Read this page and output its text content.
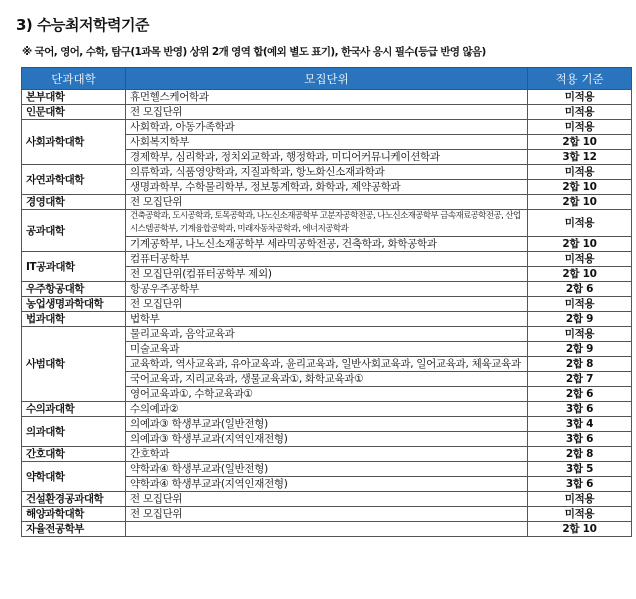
3) 수능최저학력기준
※ 국어, 영어, 수학, 탐구(1과목 반영) 상위 2개 영역 합(예외 별도 표기), 한국사 응시 필수(등급 반영 않음)
단과대학	모집단위	적용 기준
본부대학	휴먼헬스케어학과	미적용
인문대학	전 모집단위	미적용
사회과학대학	사회학과, 아동가족학과	미적용
	사회복지학부	2합 10
	경제학부, 심리학과, 정치외교학과, 행정학과, 미디어커뮤니케이션학과	3합 12
자연과학대학	의류학과, 식품영양학과, 지질과학과, 항노화신소재과학과	미적용
	생명과학부, 수학물리학부, 정보통계학과, 화학과, 제약공학과	2합 10
경영대학	전 모집단위	2합 10
공과대학	건축공학과, 도시공학과, 토목공학과, 나노신소재공학부 고분자공학전공, 나노신소재공학부 금속재료공학전공, 산업시스템공학부, 기계융합공학과, 미래자동차공학과, 에너지공학과	미적용
	기계공학부, 나노신소재공학부 세라믹공학전공, 건축학과, 화학공학과	2합 10
IT공과대학	컴퓨터공학부	미적용
	전 모집단위(컴퓨터공학부 제외)	2합 10
우주항공대학	항공우주공학부	2합 6
농업생명과학대학	전 모집단위	미적용
법과대학	법학부	2합 9
사범대학	물리교육과, 음악교육과	미적용
	미술교육과	2합 9
	교육학과, 역사교육과, 유아교육과, 윤리교육과, 일반사회교육과, 일어교육과, 체육교육과	2합 8
	국어교육과, 지리교육과, 생물교육과①, 화학교육과①	2합 7
	영어교육과①, 수학교육과①	2합 6
수의과대학	수의예과②	3합 6
의과대학	의예과③ 학생부교과(일반전형)	3합 4
	의예과③ 학생부교과(지역인재전형)	3합 6
간호대학	간호학과	2합 8
약학대학	약학과④ 학생부교과(일반전형)	3합 5
	약학과④ 학생부교과(지역인재전형)	3합 6
건설환경공과대학	전 모집단위	미적용
해양과학대학	전 모집단위	미적용
자율전공학부		2합 10
